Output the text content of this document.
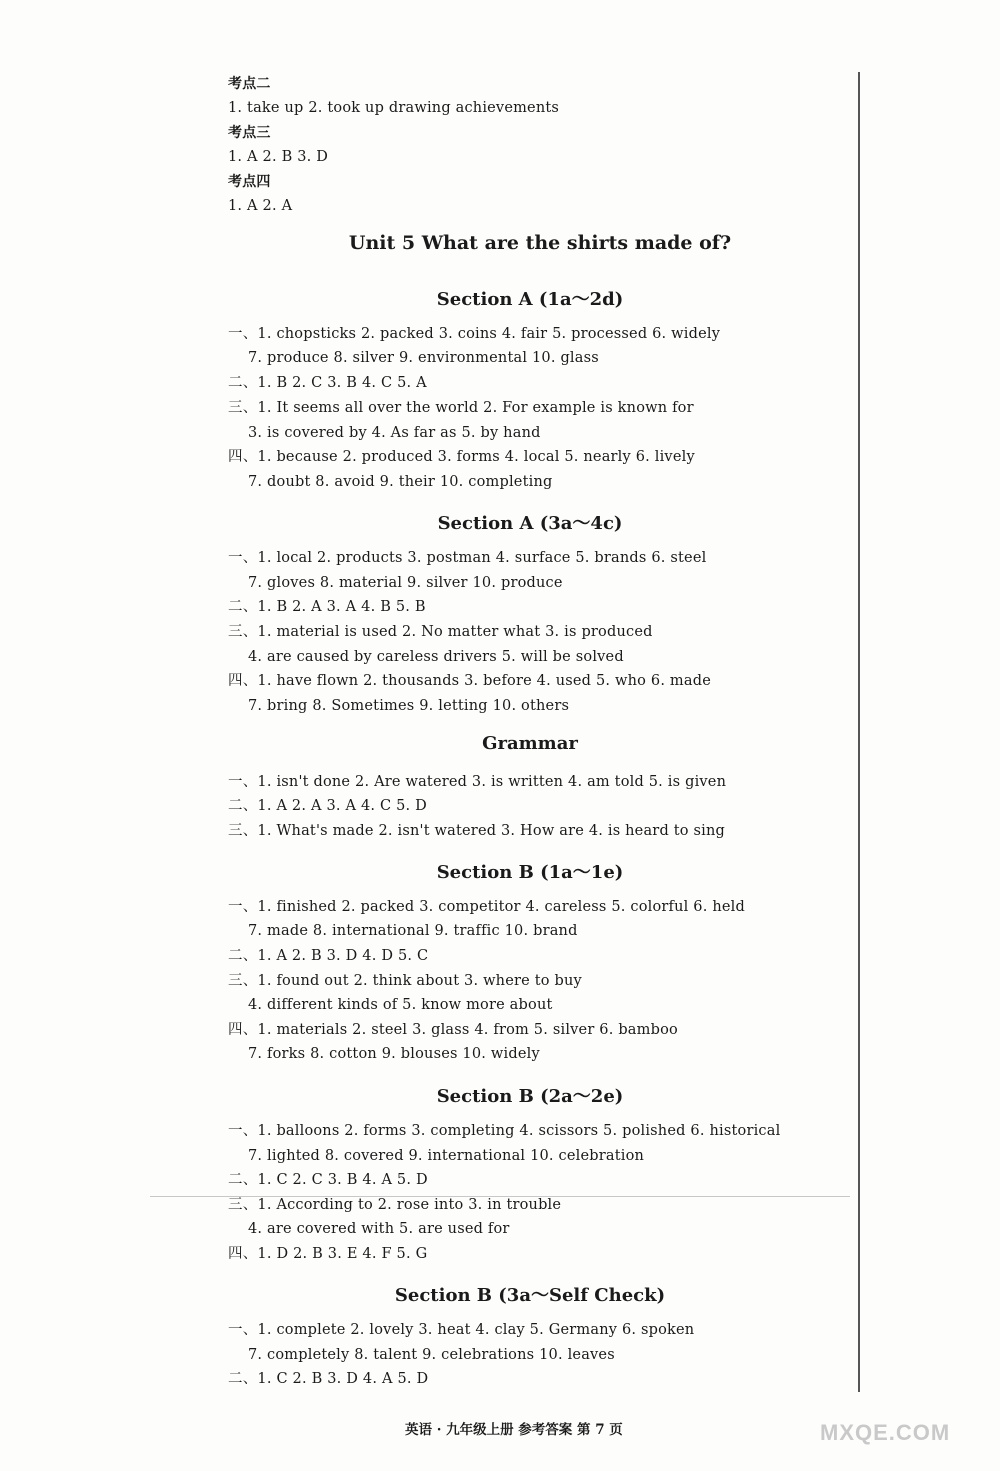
考点二
1. take up 2. took up drawing achievements
考点三
1. A 2. B 3. D
考点四
1. A 2. A
Unit 5 What are the shirts made of?
Section A (1a～2d)
一、1. chopsticks 2. packed 3. coins 4. fair 5. processed 6. widely
7. produce 8. silver 9. environmental 10. glass
二、1. B 2. C 3. B 4. C 5. A
三、1. It seems all over the world 2. For example is known for
3. is covered by 4. As far as 5. by hand
四、1. because 2. produced 3. forms 4. local 5. nearly 6. lively
7. doubt 8. avoid 9. their 10. completing
Section A (3a～4c)
一、1. local 2. products 3. postman 4. surface 5. brands 6. steel
7. gloves 8. material 9. silver 10. produce
二、1. B 2. A 3. A 4. B 5. B
三、1. material is used 2. No matter what 3. is produced
4. are caused by careless drivers 5. will be solved
四、1. have flown 2. thousands 3. before 4. used 5. who 6. made
7. bring 8. Sometimes 9. letting 10. others
Grammar
一、1. isn't done 2. Are watered 3. is written 4. am told 5. is given
二、1. A 2. A 3. A 4. C 5. D
三、1. What's made 2. isn't watered 3. How are 4. is heard to sing
Section B (1a～1e)
一、1. finished 2. packed 3. competitor 4. careless 5. colorful 6. held
7. made 8. international 9. traffic 10. brand
二、1. A 2. B 3. D 4. D 5. C
三、1. found out 2. think about 3. where to buy
4. different kinds of 5. know more about
四、1. materials 2. steel 3. glass 4. from 5. silver 6. bamboo
7. forks 8. cotton 9. blouses 10. widely
Section B (2a～2e)
一、1. balloons 2. forms 3. completing 4. scissors 5. polished 6. historical
7. lighted 8. covered 9. international 10. celebration
二、1. C 2. C 3. B 4. A 5. D
三、1. According to 2. rose into 3. in trouble
4. are covered with 5. are used for
四、1. D 2. B 3. E 4. F 5. G
Section B (3a～Self Check)
一、1. complete 2. lovely 3. heat 4. clay 5. Germany 6. spoken
7. completely 8. talent 9. celebrations 10. leaves
二、1. C 2. B 3. D 4. A 5. D
英语 · 九年级上册 参考答案 第 7 页	MXQE.COM
